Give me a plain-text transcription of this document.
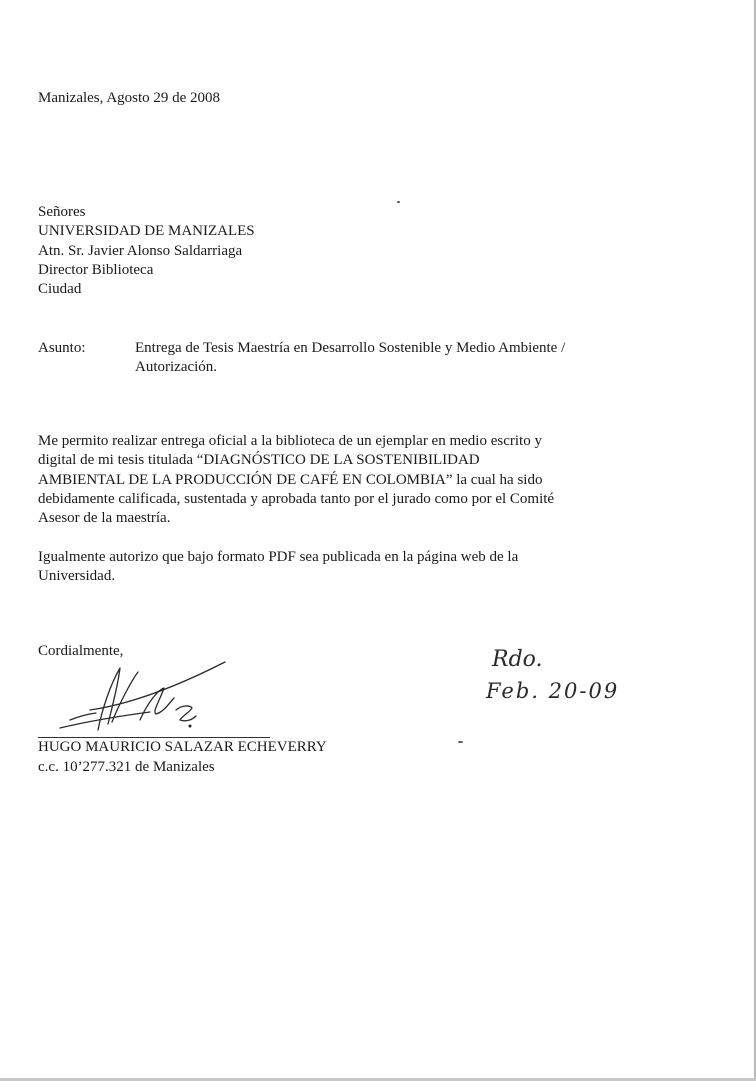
Manizales, Agosto 29 de 2008
Señores
UNIVERSIDAD DE MANIZALES
Atn. Sr. Javier Alonso Saldarriaga
Director Biblioteca
Ciudad
Asunto:	Entrega de Tesis Maestría en Desarrollo Sostenible y Medio Ambiente /
Autorización.
Me permito realizar entrega oficial a la biblioteca de un ejemplar en medio escrito y
digital de mi tesis titulada “DIAGNÓSTICO DE LA SOSTENIBILIDAD
AMBIENTAL DE LA PRODUCCIÓN DE CAFÉ EN COLOMBIA” la cual ha sido
debidamente calificada, sustentada y aprobada tanto por el jurado como por el Comité
Asesor de la maestría.
Igualmente autorizo que bajo formato PDF sea publicada en la página web de la
Universidad.
Cordialmente,
HUGO MAURICIO SALAZAR ECHEVERRY
c.c. 10’277.321 de Manizales
Rdo.
Feb. 20-09
